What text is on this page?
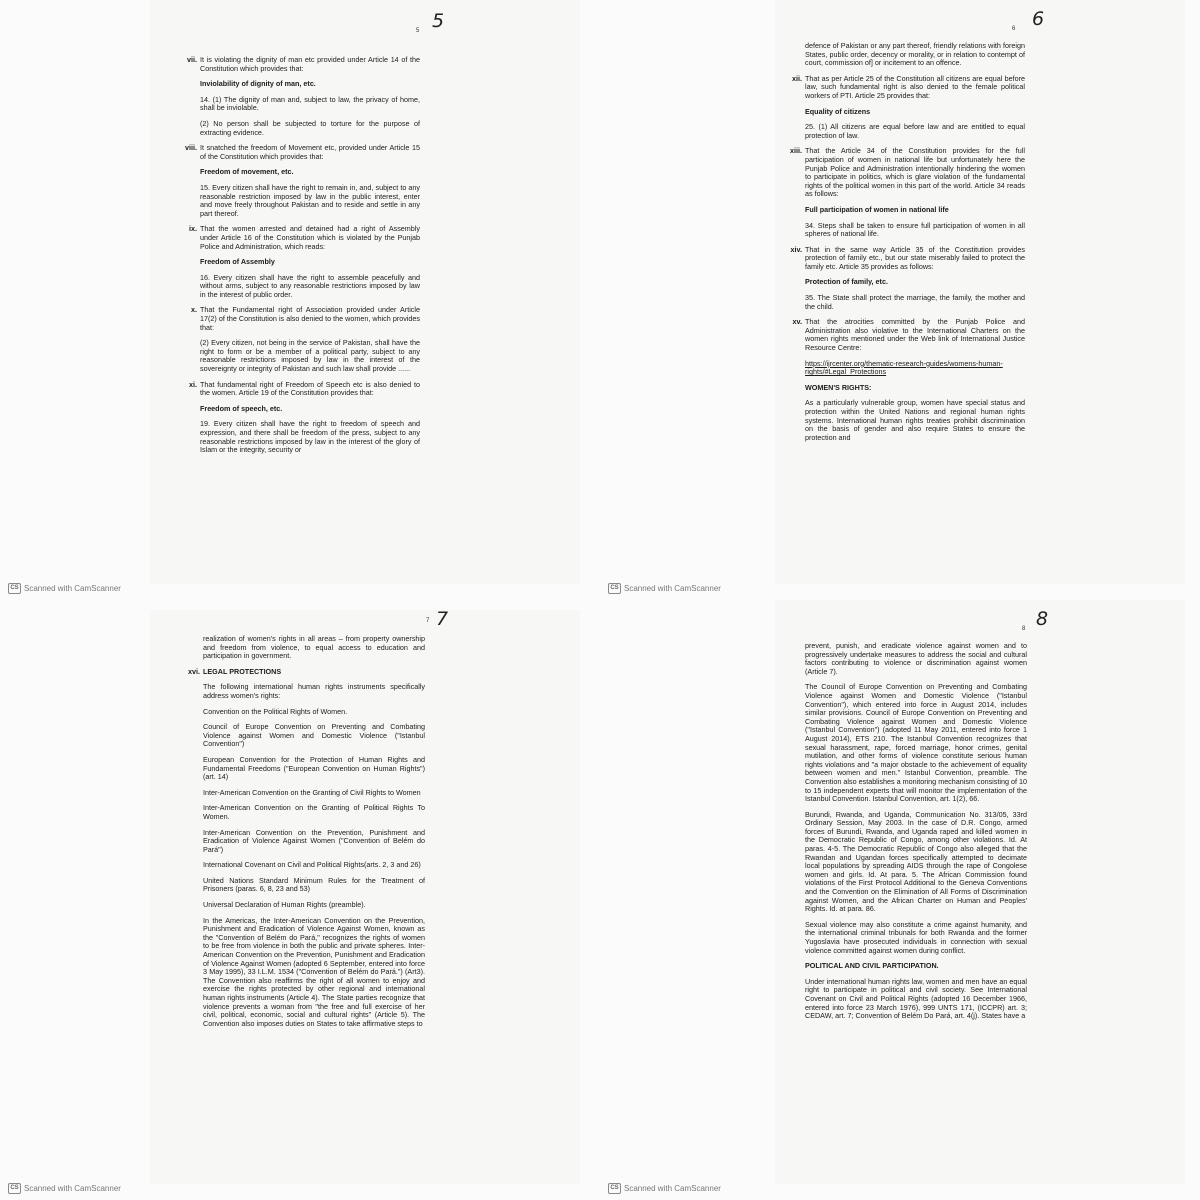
5 5
vii. It is violating the dignity of man etc provided under Article 14 of the Constitution which provides that:
Inviolability of dignity of man, etc.
14. (1) The dignity of man and, subject to law, the privacy of home, shall be inviolable.
(2) No person shall be subjected to torture for the purpose of extracting evidence.
viii. It snatched the freedom of Movement etc, provided under Article 15 of the Constitution which provides that:
Freedom of movement, etc.
15. Every citizen shall have the right to remain in, and, subject to any reasonable restriction imposed by law in the public interest, enter and move freely throughout Pakistan and to reside and settle in any part thereof.
ix. That the women arrested and detained had a right of Assembly under Article 16 of the Constitution which is violated by the Punjab Police and Administration, which reads:
Freedom of Assembly
16. Every citizen shall have the right to assemble peacefully and without arms, subject to any reasonable restrictions imposed by law in the interest of public order.
x. That the Fundamental right of Association provided under Article 17(2) of the Constitution is also denied to the women, which provides that:
(2) Every citizen, not being in the service of Pakistan, shall have the right to form or be a member of a political party, subject to any reasonable restrictions imposed by law in the interest of the sovereignty or integrity of Pakistan and such law shall provide ......
xi. That fundamental right of Freedom of Speech etc is also denied to the women. Article 19 of the Constitution provides that:
Freedom of speech, etc.
19. Every citizen shall have the right to freedom of speech and expression, and there shall be freedom of the press, subject to any reasonable restrictions imposed by law in the interest of the glory of Islam or the integrity, security or
CS Scanned with CamScanner
6 6
defence of Pakistan or any part thereof, friendly relations with foreign States, public order, decency or morality, or in relation to contempt of court, commission of] or incitement to an offence.
xii. That as per Article 25 of the Constitution all citizens are equal before law, such fundamental right is also denied to the female political workers of PTI. Article 25 provides that:
Equality of citizens
25. (1) All citizens are equal before law and are entitled to equal protection of law.
xiii. That the Article 34 of the Constitution provides for the full participation of women in national life but unfortunately here the Punjab Police and Administration intentionally hindering the women to participate in politics, which is glare violation of the fundamental rights of the political women in this part of the world. Article 34 reads as follows:
Full participation of women in national life
34. Steps shall be taken to ensure full participation of women in all spheres of national life.
xiv. That in the same way Article 35 of the Constitution provides protection of family etc., but our state miserably failed to protect the family etc. Article 35 provides as follows:
Protection of family, etc.
35. The State shall protect the marriage, the family, the mother and the child.
xv. That the atrocities committed by the Punjab Police and Administration also violative to the International Charters on the women rights mentioned under the Web link of International Justice Resource Centre:
https://ijrcenter.org/thematic-research-guides/womens-human-rights/#Legal_Protections
WOMEN'S RIGHTS:
As a particularly vulnerable group, women have special status and protection within the United Nations and regional human rights systems. International human rights treaties prohibit discrimination on the basis of gender and also require States to ensure the protection and
CS Scanned with CamScanner
7 7
realization of women's rights in all areas – from property ownership and freedom from violence, to equal access to education and participation in government.
xvi. LEGAL PROTECTIONS
The following international human rights instruments specifically address women's rights:
Convention on the Political Rights of Women.
Council of Europe Convention on Preventing and Combating Violence against Women and Domestic Violence ("Istanbul Convention")
European Convention for the Protection of Human Rights and Fundamental Freedoms ("European Convention on Human Rights") (art. 14)
Inter-American Convention on the Granting of Civil Rights to Women
Inter-American Convention on the Granting of Political Rights To Women.
Inter-American Convention on the Prevention, Punishment and Eradication of Violence Against Women ("Convention of Belém do Pará")
International Covenant on Civil and Political Rights(arts. 2, 3 and 26)
United Nations Standard Minimum Rules for the Treatment of Prisoners (paras. 6, 8, 23 and 53)
Universal Declaration of Human Rights (preamble).
In the Americas, the Inter-American Convention on the Prevention, Punishment and Eradication of Violence Against Women, known as the "Convention of Belém do Pará," recognizes the rights of women to be free from violence in both the public and private spheres. Inter-American Convention on the Prevention, Punishment and Eradication of Violence Against Women (adopted 6 September, entered into force 3 May 1995), 33 I.L.M. 1534 ("Convention of Belém do Pará.") (Art3). The Convention also reaffirms the right of all women to enjoy and exercise the rights protected by other regional and international human rights instruments (Article 4). The State parties recognize that violence prevents a woman from "the free and full exercise of her civil, political, economic, social and cultural rights" (Article 5). The Convention also imposes duties on States to take affirmative steps to
CS Scanned with CamScanner
8 8
prevent, punish, and eradicate violence against women and to progressively undertake measures to address the social and cultural factors contributing to violence or discrimination against women (Article 7).
The Council of Europe Convention on Preventing and Combating Violence against Women and Domestic Violence ("Istanbul Convention"), which entered into force in August 2014, includes similar provisions. Council of Europe Convention on Preventing and Combating Violence against Women and Domestic Violence ("Istanbul Convention") (adopted 11 May 2011, entered into force 1 August 2014), ETS 210. The Istanbul Convention recognizes that sexual harassment, rape, forced marriage, honor crimes, genital mutilation, and other forms of violence constitute serious human rights violations and "a major obstacle to the achievement of equality between women and men." Istanbul Convention, preamble. The Convention also establishes a monitoring mechanism consisting of 10 to 15 independent experts that will monitor the implementation of the Istanbul Convention. Istanbul Convention, art. 1(2), 66.
Burundi, Rwanda, and Uganda, Communication No. 313/05, 33rd Ordinary Session, May 2003. In the case of D.R. Congo, armed forces of Burundi, Rwanda, and Uganda raped and killed women in the Democratic Republic of Congo, among other violations. Id. At paras. 4-5. The Democratic Republic of Congo also alleged that the Rwandan and Ugandan forces specifically attempted to decimate local populations by spreading AIDS through the rape of Congolese women and girls. Id. At para. 5. The African Commission found violations of the First Protocol Additional to the Geneva Conventions and the Convention on the Elimination of All Forms of Discrimination against Women, and the African Charter on Human and Peoples' Rights. Id. at para. 86.
Sexual violence may also constitute a crime against humanity, and the international criminal tribunals for both Rwanda and the former Yugoslavia have prosecuted individuals in connection with sexual violence committed against women during conflict.
POLITICAL AND CIVIL PARTICIPATION.
Under international human rights law, women and men have an equal right to participate in political and civil society. See International Covenant on Civil and Political Rights (adopted 16 December 1966, entered into force 23 March 1976), 999 UNTS 171, (ICCPR) art. 3; CEDAW, art. 7; Convention of Belém Do Pará, art. 4(j). States have a
CS Scanned with CamScanner
